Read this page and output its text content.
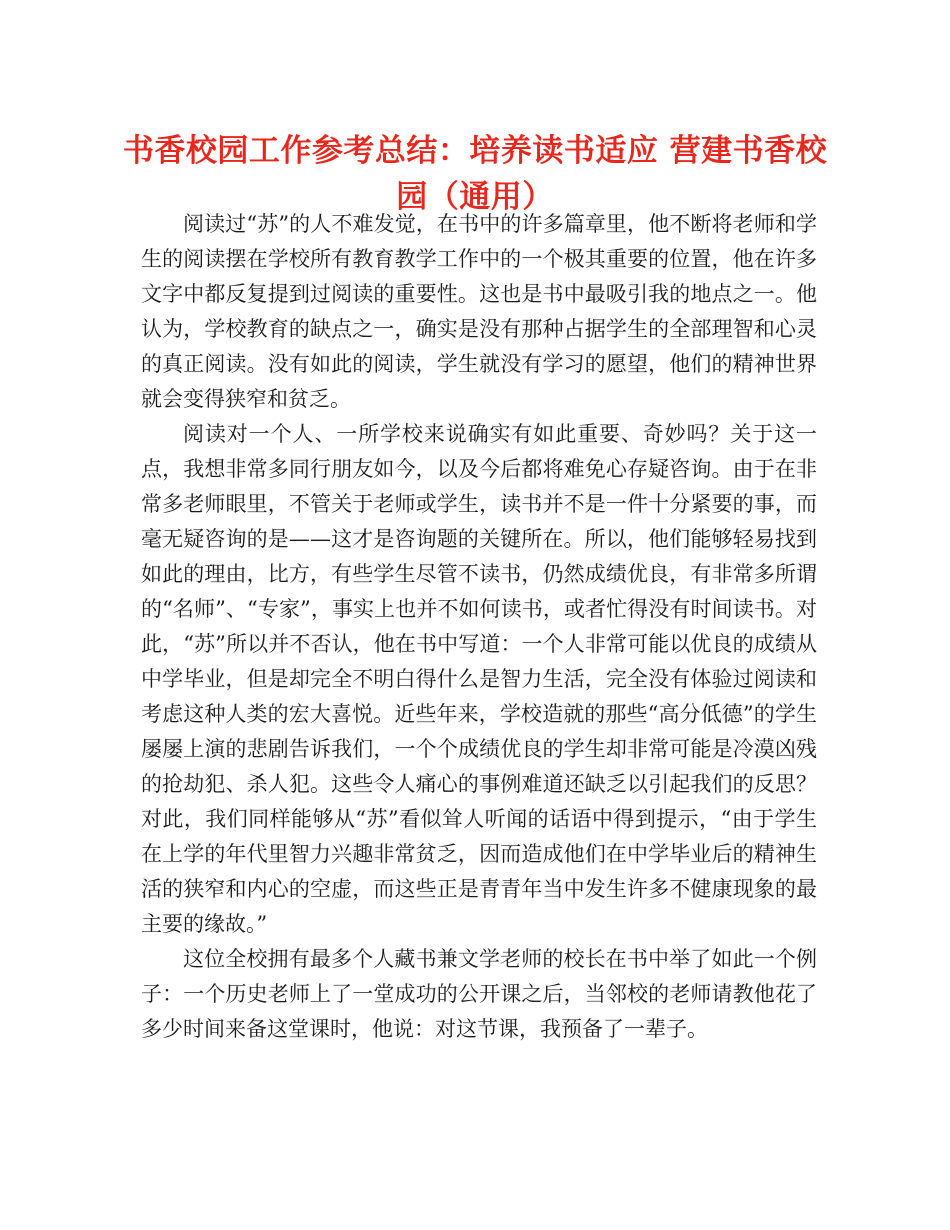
书香校园工作参考总结：培养读书适应 营建书香校园（通用）

阅读过“苏”的人不难发觉，在书中的许多篇章里，他不断将老师和学生的阅读摆在学校所有教育教学工作中的一个极其重要的位置，他在许多文字中都反复提到过阅读的重要性。这也是书中最吸引我的地点之一。他认为，学校教育的缺点之一，确实是没有那种占据学生的全部理智和心灵的真正阅读。没有如此的阅读，学生就没有学习的愿望，他们的精神世界就会变得狭窄和贫乏。

阅读对一个人、一所学校来说确实有如此重要、奇妙吗？关于这一点，我想非常多同行朋友如今，以及今后都将难免心存疑咨询。由于在非常多老师眼里，不管关于老师或学生，读书并不是一件十分紧要的事，而毫无疑咨询的是——这才是咨询题的关键所在。所以，他们能够轻易找到如此的理由，比方，有些学生尽管不读书，仍然成绩优良，有非常多所谓的“名师”、“专家”，事实上也并不如何读书，或者忙得没有时间读书。对此，“苏”所以并不否认，他在书中写道：一个人非常可能以优良的成绩从中学毕业，但是却完全不明白得什么是智力生活，完全没有体验过阅读和考虑这种人类的宏大喜悦。近些年来，学校造就的那些“高分低德”的学生屡屡上演的悲剧告诉我们，一个个成绩优良的学生却非常可能是冷漠凶残的抢劫犯、杀人犯。这些令人痛心的事例难道还缺乏以引起我们的反思？对此，我们同样能够从“苏”看似耸人听闻的话语中得到提示，“由于学生在上学的年代里智力兴趣非常贫乏，因而造成他们在中学毕业后的精神生活的狭窄和内心的空虚，而这些正是青青年当中发生许多不健康现象的最主要的缘故。”

这位全校拥有最多个人藏书兼文学老师的校长在书中举了如此一个例子：一个历史老师上了一堂成功的公开课之后，当邻校的老师请教他花了多少时间来备这堂课时，他说：对这节课，我预备了一辈子。
